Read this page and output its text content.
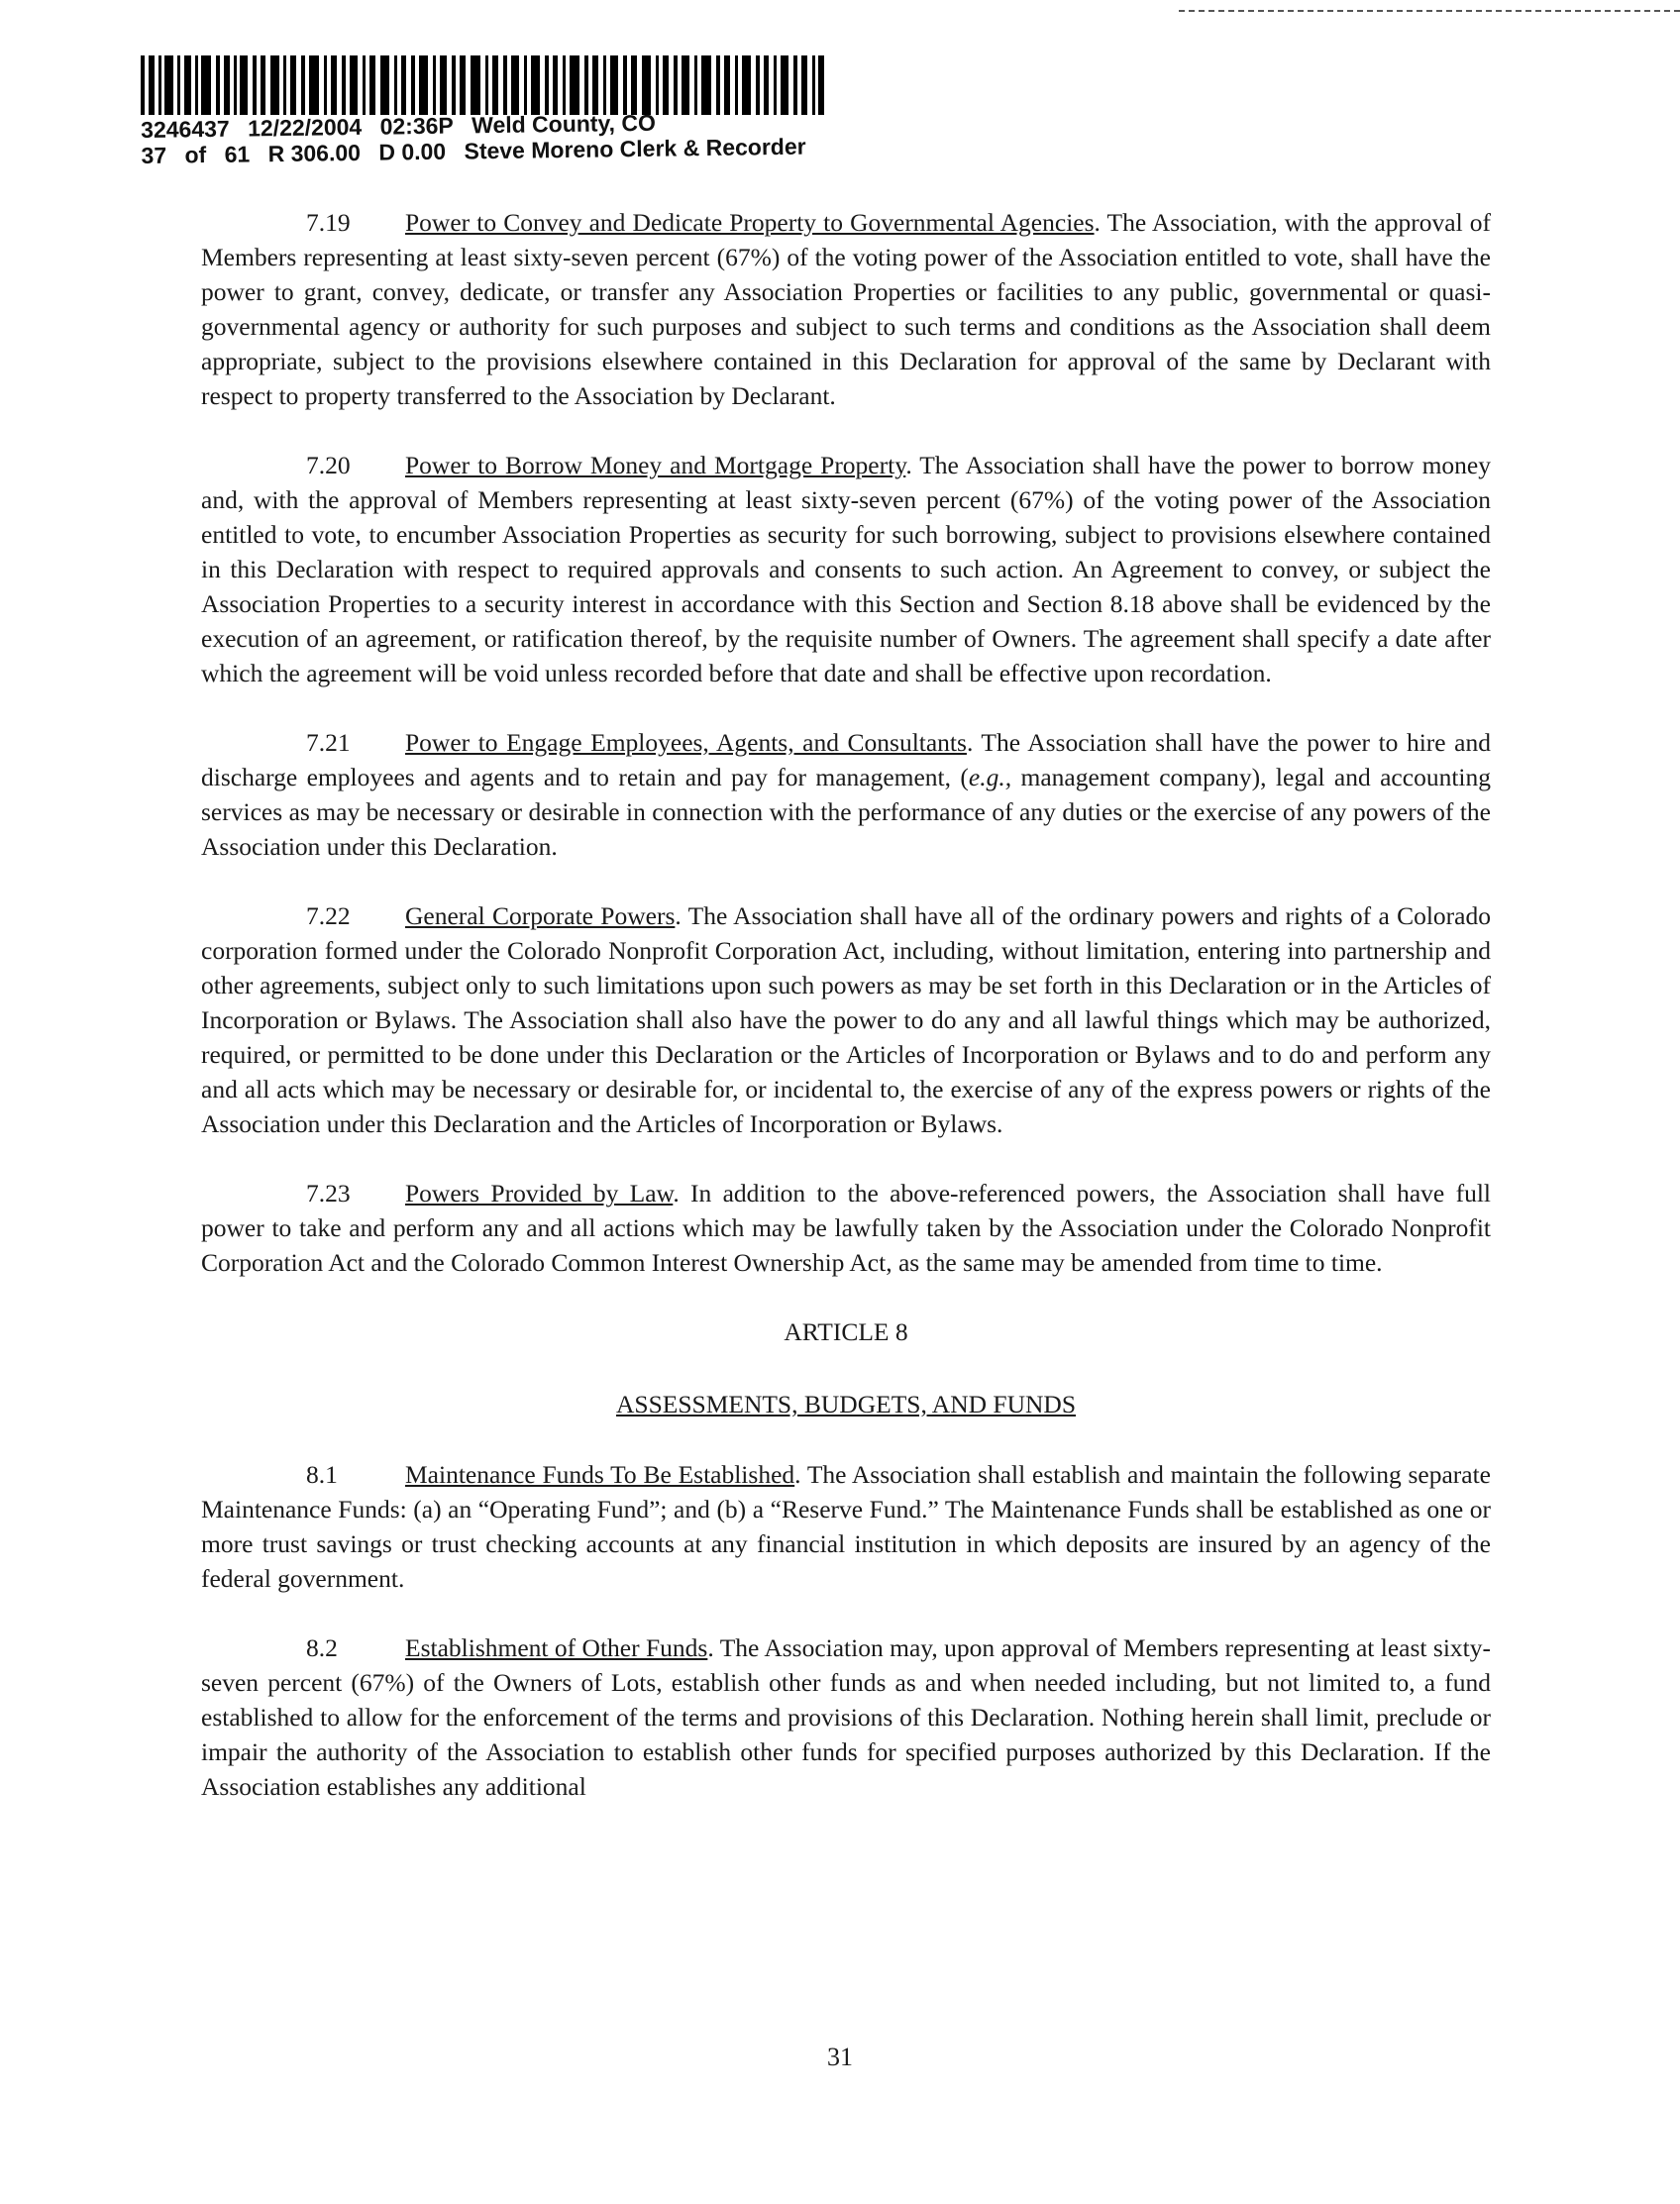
3246437 12/22/2004 02:36P Weld County, CO
37 of 61 R 306.00 D 0.00 Steve Moreno Clerk & Recorder

7.19 Power to Convey and Dedicate Property to Governmental Agencies. The Association, with the approval of Members representing at least sixty-seven percent (67%) of the voting power of the Association entitled to vote, shall have the power to grant, convey, dedicate, or transfer any Association Properties or facilities to any public, governmental or quasi-governmental agency or authority for such purposes and subject to such terms and conditions as the Association shall deem appropriate, subject to the provisions elsewhere contained in this Declaration for approval of the same by Declarant with respect to property transferred to the Association by Declarant.

7.20 Power to Borrow Money and Mortgage Property. The Association shall have the power to borrow money and, with the approval of Members representing at least sixty-seven percent (67%) of the voting power of the Association entitled to vote, to encumber Association Properties as security for such borrowing, subject to provisions elsewhere contained in this Declaration with respect to required approvals and consents to such action. An Agreement to convey, or subject the Association Properties to a security interest in accordance with this Section and Section 8.18 above shall be evidenced by the execution of an agreement, or ratification thereof, by the requisite number of Owners. The agreement shall specify a date after which the agreement will be void unless recorded before that date and shall be effective upon recordation.

7.21 Power to Engage Employees, Agents, and Consultants. The Association shall have the power to hire and discharge employees and agents and to retain and pay for management, (e.g., management company), legal and accounting services as may be necessary or desirable in connection with the performance of any duties or the exercise of any powers of the Association under this Declaration.

7.22 General Corporate Powers. The Association shall have all of the ordinary powers and rights of a Colorado corporation formed under the Colorado Nonprofit Corporation Act, including, without limitation, entering into partnership and other agreements, subject only to such limitations upon such powers as may be set forth in this Declaration or in the Articles of Incorporation or Bylaws. The Association shall also have the power to do any and all lawful things which may be authorized, required, or permitted to be done under this Declaration or the Articles of Incorporation or Bylaws and to do and perform any and all acts which may be necessary or desirable for, or incidental to, the exercise of any of the express powers or rights of the Association under this Declaration and the Articles of Incorporation or Bylaws.

7.23 Powers Provided by Law. In addition to the above-referenced powers, the Association shall have full power to take and perform any and all actions which may be lawfully taken by the Association under the Colorado Nonprofit Corporation Act and the Colorado Common Interest Ownership Act, as the same may be amended from time to time.

ARTICLE 8

ASSESSMENTS, BUDGETS, AND FUNDS

8.1	Maintenance Funds To Be Established. The Association shall establish and maintain the following separate Maintenance Funds: (a) an “Operating Fund”; and (b) a “Reserve Fund.” The Maintenance Funds shall be established as one or more trust savings or trust checking accounts at any financial institution in which deposits are insured by an agency of the federal government.

8.2	Establishment of Other Funds. The Association may, upon approval of Members representing at least sixty-seven percent (67%) of the Owners of Lots, establish other funds as and when needed including, but not limited to, a fund established to allow for the enforcement of the terms and provisions of this Declaration. Nothing herein shall limit, preclude or impair the authority of the Association to establish other funds for specified purposes authorized by this Declaration. If the Association establishes any additional

31
